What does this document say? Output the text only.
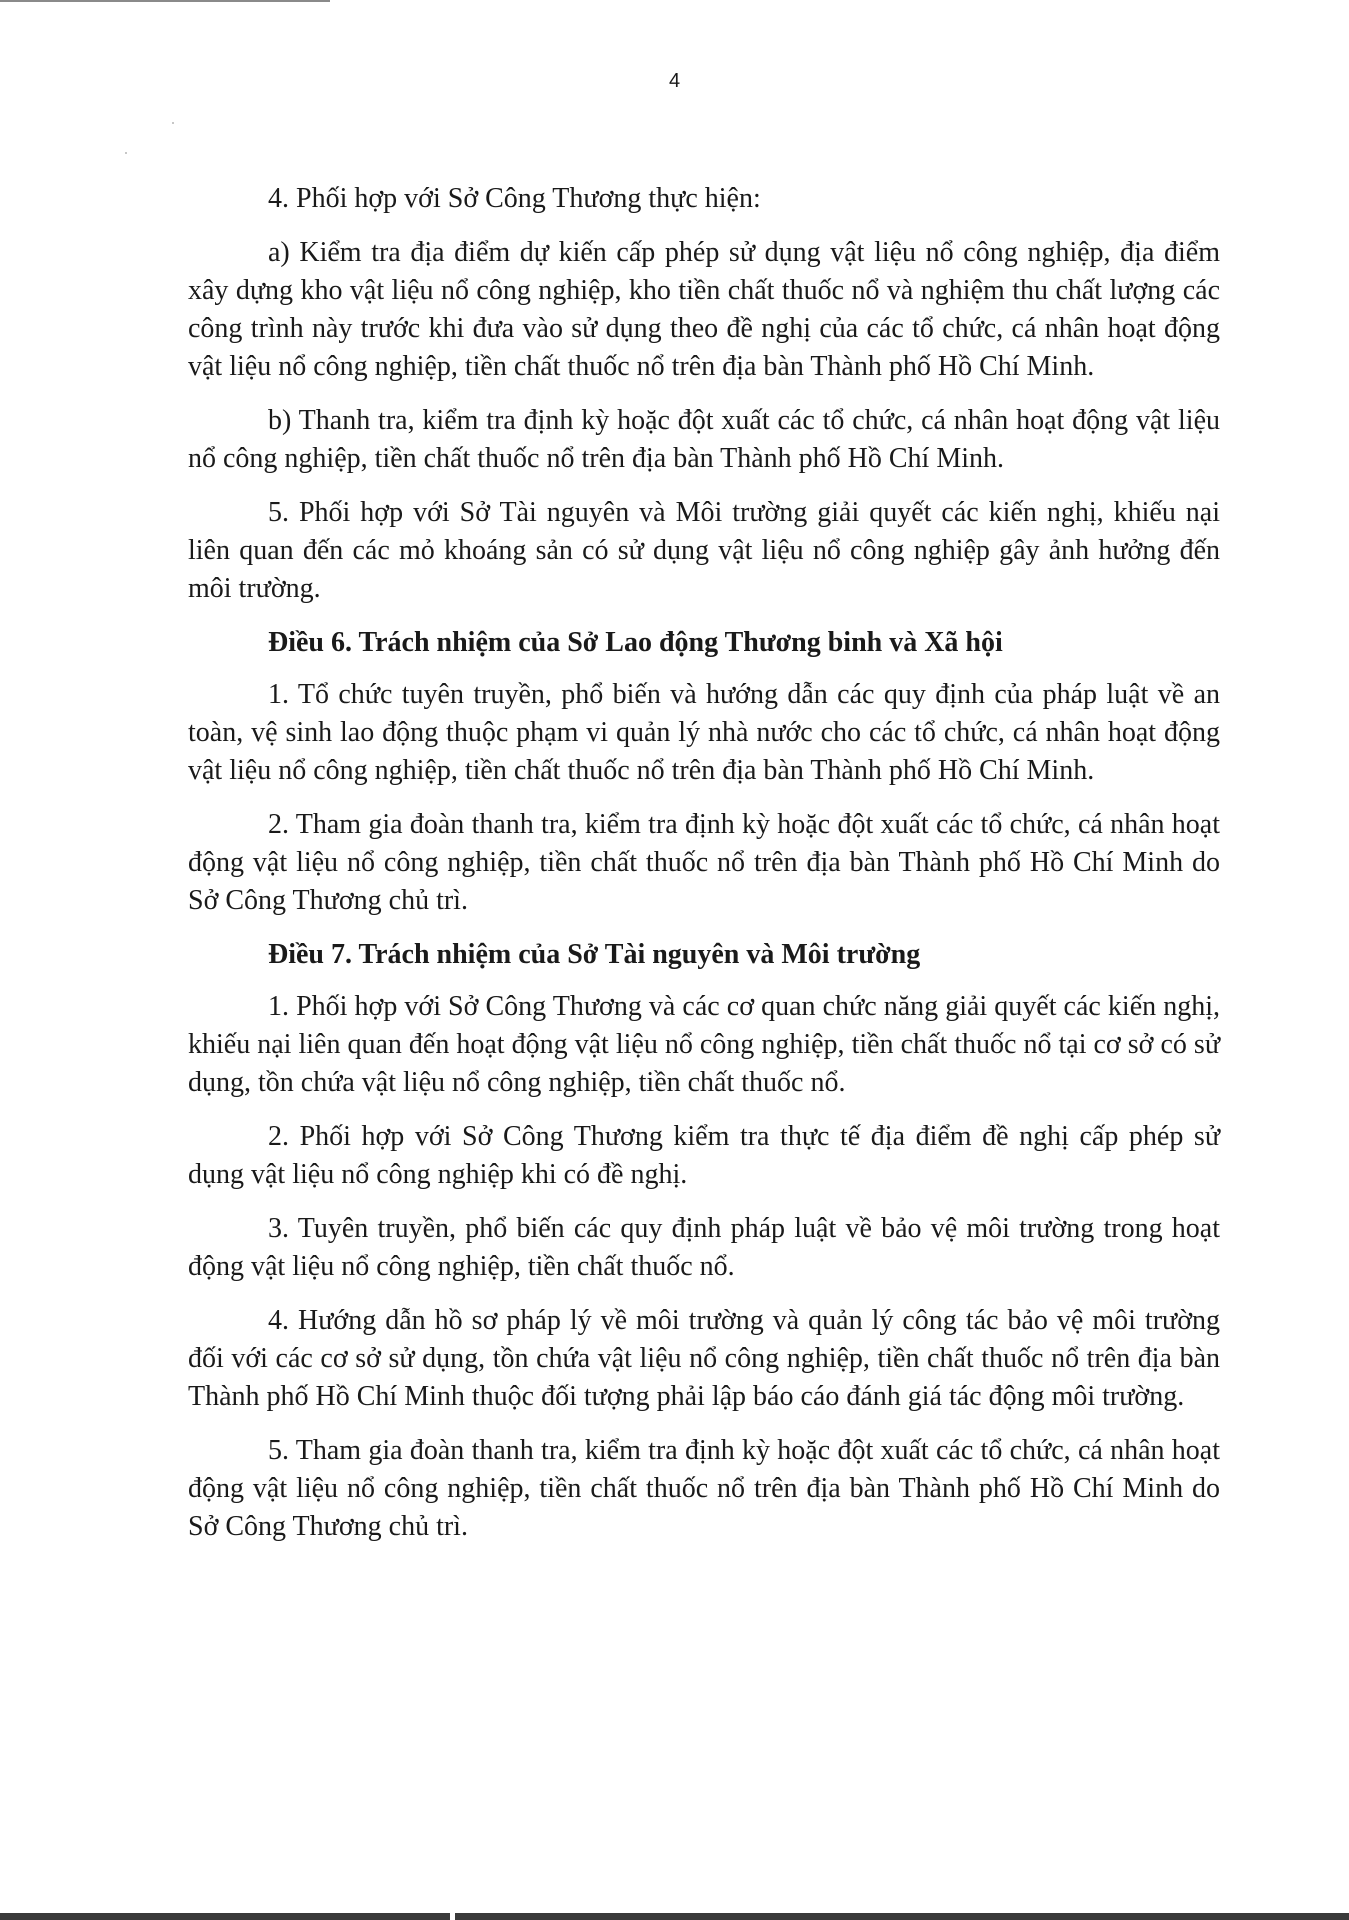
4

4. Phối hợp với Sở Công Thương thực hiện:

a) Kiểm tra địa điểm dự kiến cấp phép sử dụng vật liệu nổ công nghiệp, địa điểm xây dựng kho vật liệu nổ công nghiệp, kho tiền chất thuốc nổ và nghiệm thu chất lượng các công trình này trước khi đưa vào sử dụng theo đề nghị của các tổ chức, cá nhân hoạt động vật liệu nổ công nghiệp, tiền chất thuốc nổ trên địa bàn Thành phố Hồ Chí Minh.

b) Thanh tra, kiểm tra định kỳ hoặc đột xuất các tổ chức, cá nhân hoạt động vật liệu nổ công nghiệp, tiền chất thuốc nổ trên địa bàn Thành phố Hồ Chí Minh.

5. Phối hợp với Sở Tài nguyên và Môi trường giải quyết các kiến nghị, khiếu nại liên quan đến các mỏ khoáng sản có sử dụng vật liệu nổ công nghiệp gây ảnh hưởng đến môi trường.

Điều 6. Trách nhiệm của Sở Lao động Thương binh và Xã hội

1. Tổ chức tuyên truyền, phổ biến và hướng dẫn các quy định của pháp luật về an toàn, vệ sinh lao động thuộc phạm vi quản lý nhà nước cho các tổ chức, cá nhân hoạt động vật liệu nổ công nghiệp, tiền chất thuốc nổ trên địa bàn Thành phố Hồ Chí Minh.

2. Tham gia đoàn thanh tra, kiểm tra định kỳ hoặc đột xuất các tổ chức, cá nhân hoạt động vật liệu nổ công nghiệp, tiền chất thuốc nổ trên địa bàn Thành phố Hồ Chí Minh do Sở Công Thương chủ trì.

Điều 7. Trách nhiệm của Sở Tài nguyên và Môi trường

1. Phối hợp với Sở Công Thương và các cơ quan chức năng giải quyết các kiến nghị, khiếu nại liên quan đến hoạt động vật liệu nổ công nghiệp, tiền chất thuốc nổ tại cơ sở có sử dụng, tồn chứa vật liệu nổ công nghiệp, tiền chất thuốc nổ.

2. Phối hợp với Sở Công Thương kiểm tra thực tế địa điểm đề nghị cấp phép sử dụng vật liệu nổ công nghiệp khi có đề nghị.

3. Tuyên truyền, phổ biến các quy định pháp luật về bảo vệ môi trường trong hoạt động vật liệu nổ công nghiệp, tiền chất thuốc nổ.

4. Hướng dẫn hồ sơ pháp lý về môi trường và quản lý công tác bảo vệ môi trường đối với các cơ sở sử dụng, tồn chứa vật liệu nổ công nghiệp, tiền chất thuốc nổ trên địa bàn Thành phố Hồ Chí Minh thuộc đối tượng phải lập báo cáo đánh giá tác động môi trường.

5. Tham gia đoàn thanh tra, kiểm tra định kỳ hoặc đột xuất các tổ chức, cá nhân hoạt động vật liệu nổ công nghiệp, tiền chất thuốc nổ trên địa bàn Thành phố Hồ Chí Minh do Sở Công Thương chủ trì.
